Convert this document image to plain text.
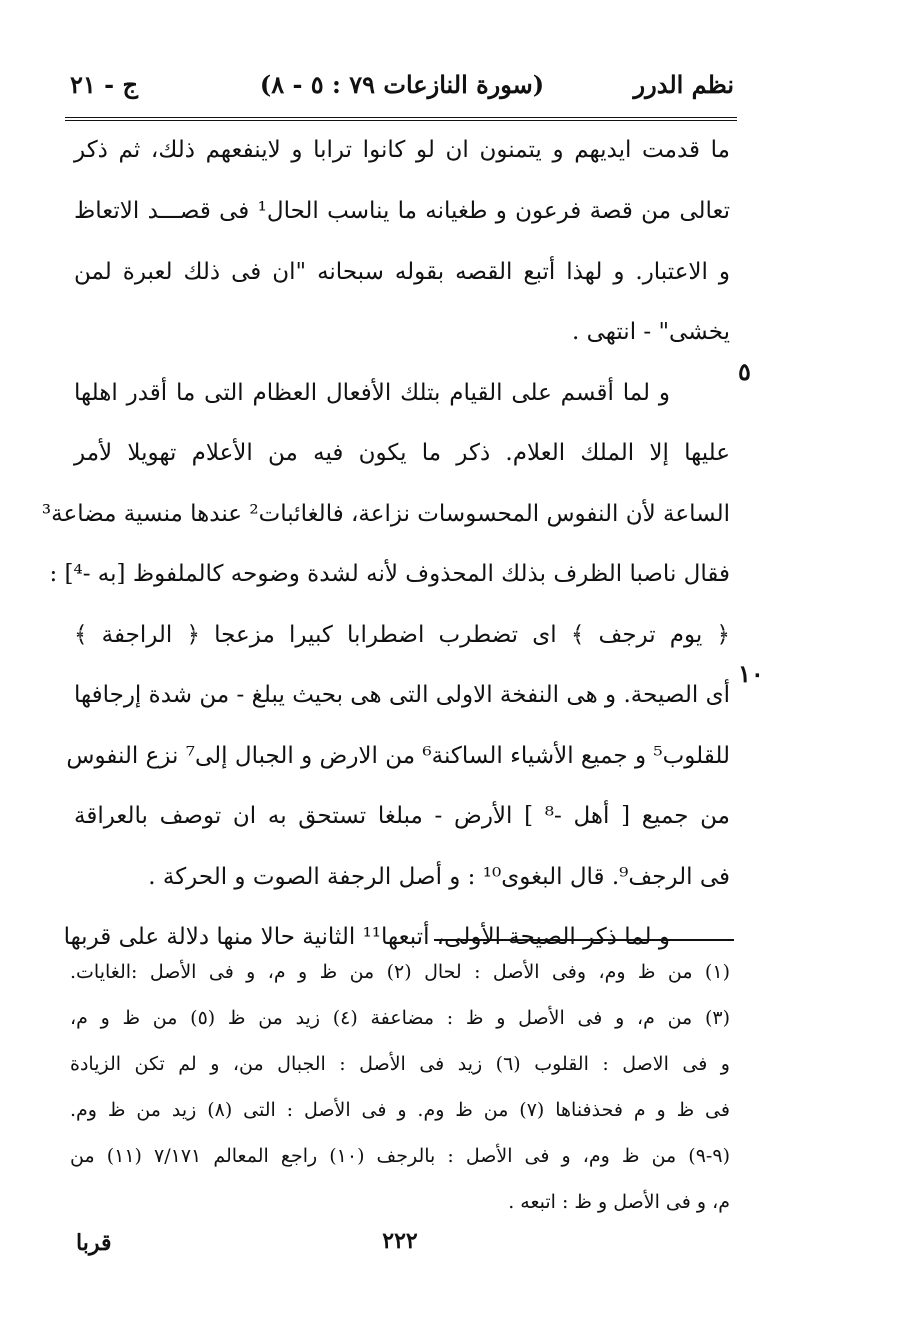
نظم الدرر
(سورة النازعات ٧٩ : ٥ - ٨)
ج - ٢١
٥
١٠
ما قدمت ايديهم و يتمنون ان لو كانوا ترابا و لاينفعهم ذلك، ثم ذكر
تعالى من قصة فرعون و طغيانه ما يناسب الحال¹ فى قصـــد الاتعاظ
و الاعتبار. و لهذا أتبع القصه بقوله سبحانه "ان فى ذلك لعبرة لمن
يخشى" - انتهى .
و لما أقسم على القيام بتلك الأفعال العظام التى ما أقدر اهلها
عليها إلا الملك العلام. ذكر ما يكون فيه من الأعلام تهويلا لأمر
الساعة لأن النفوس المحسوسات نزاعة، فالغائبات² عندها منسية مضاعة³
فقال ناصبا الظرف بذلك المحذوف لأنه لشدة وضوحه كالملفوظ [به -⁴] :
﴿ يوم ترجف ﴾ اى تضطرب اضطرابا كبيرا مزعجا ﴿ الراجفة ﴾
أى الصيحة. و هى النفخة الاولى التى هى بحيث يبلغ - من شدة إرجافها
للقلوب⁵ و جميع الأشياء الساكنة⁶ من الارض و الجبال إلى⁷ نزع النفوس
من جميع [ أهل -⁸ ] الأرض - مبلغا تستحق به ان توصف بالعراقة
فى الرجف⁹. قال البغوى¹⁰ : و أصل الرجفة الصوت و الحركة .
و لما ذكر الصيحة الأولى، أتبعها¹¹ الثانية حالا منها دلالة على قربها
(١) من ظ وم، وفى الأصل : لحال (٢) من ظ و م، و فى الأصل :الغايات.
(٣) من م، و فى الأصل و ظ : مضاعفة (٤) زيد من ظ (٥) من ظ و م،
و فى الاصل : القلوب (٦) زيد فى الأصل : الجبال من، و لم تكن الزيادة
فى ظ و م فحذفناها (٧) من ظ وم. و فى الأصل : التى (٨) زيد من ظ وم.
(٩-٩) من ظ وم، و فى الأصل : بالرجف (١٠) راجع المعالم ٧/١٧١ (١١) من
م، و فى الأصل و ظ : اتبعه .
٢٢٢
قربا
